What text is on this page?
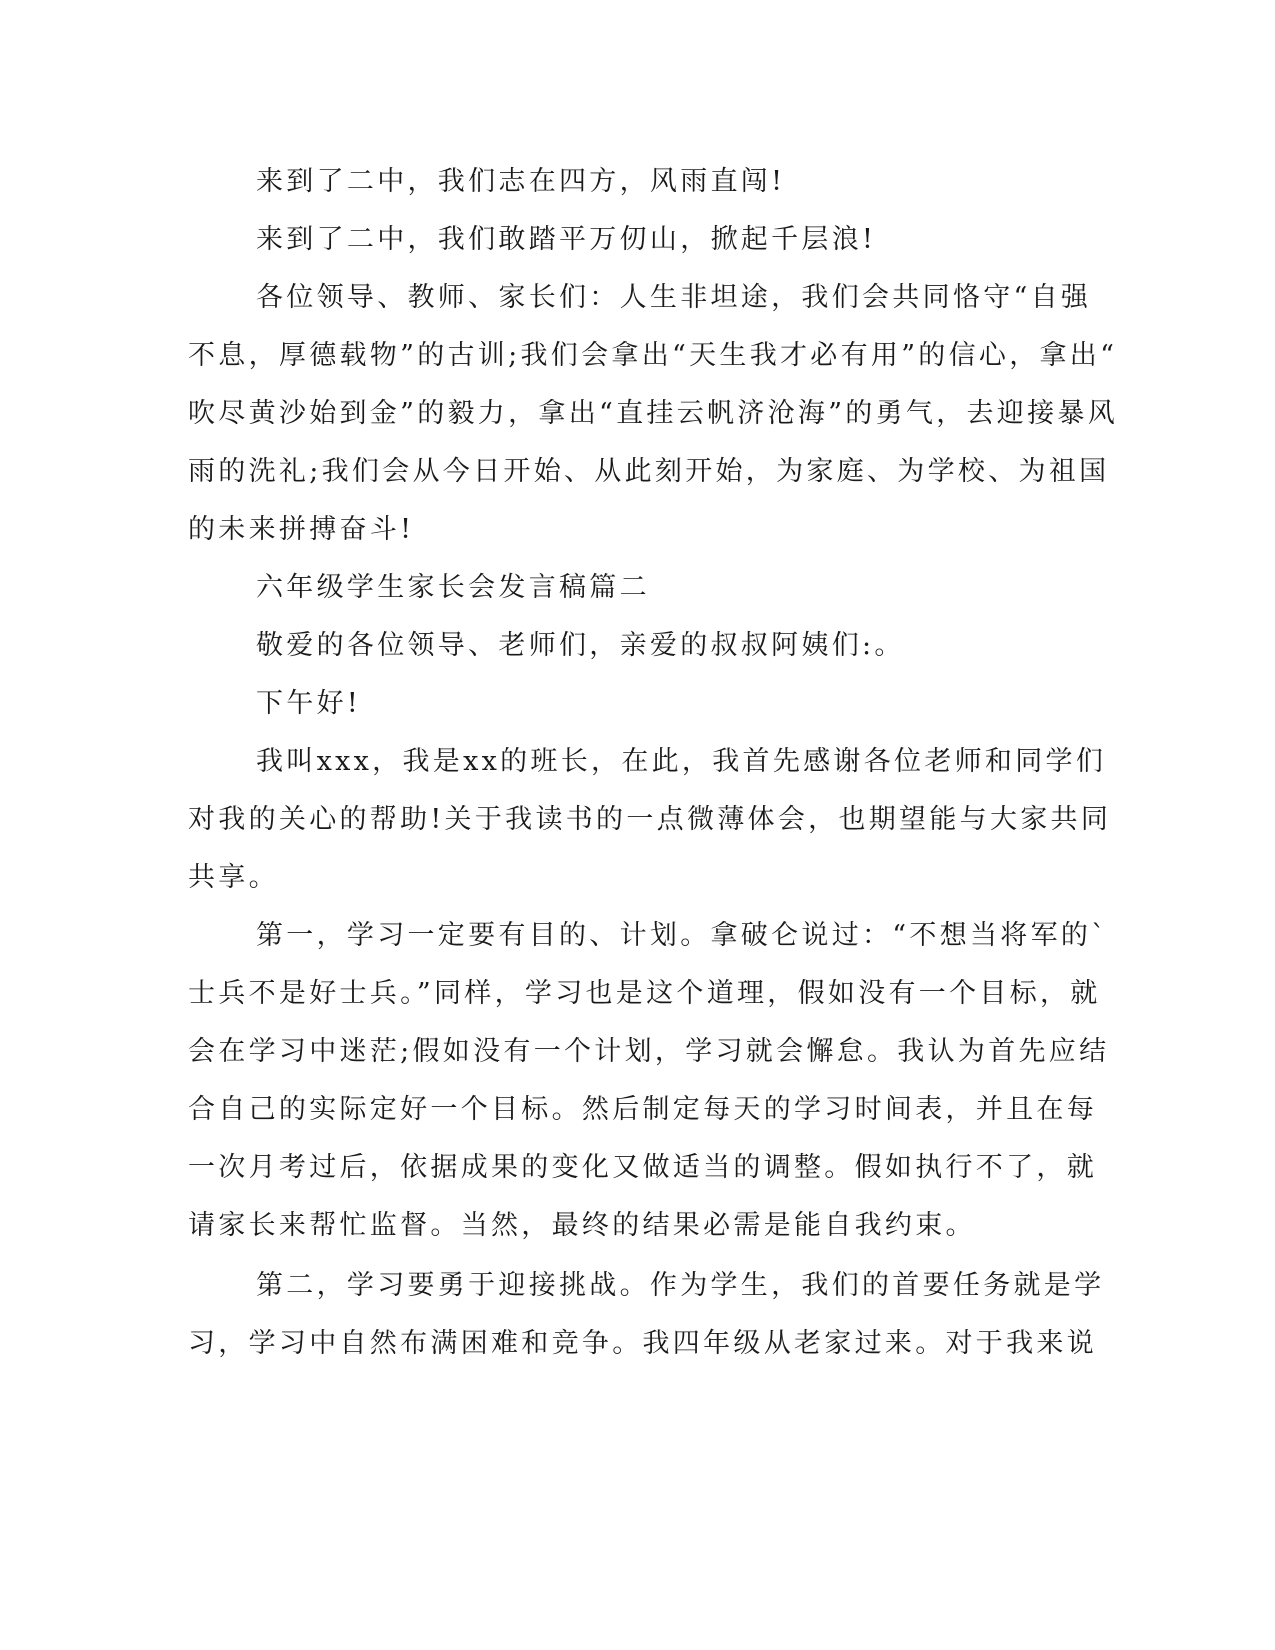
来到了二中，我们志在四方，风雨直闯!
来到了二中，我们敢踏平万仞山，掀起千层浪!
各位领导、教师、家长们：人生非坦途，我们会共同恪守“自强
不息，厚德载物”的古训;我们会拿出“天生我才必有用”的信心，拿出“
吹尽黄沙始到金”的毅力，拿出“直挂云帆济沧海”的勇气，去迎接暴风
雨的洗礼;我们会从今日开始、从此刻开始，为家庭、为学校、为祖国
的未来拼搏奋斗!
六年级学生家长会发言稿篇二
敬爱的各位领导、老师们，亲爱的叔叔阿姨们:。
下午好!
我叫xxx，我是xx的班长，在此，我首先感谢各位老师和同学们
对我的关心的帮助!关于我读书的一点微薄体会，也期望能与大家共同
共享。
第一，学习一定要有目的、计划。拿破仑说过：“不想当将军的`
士兵不是好士兵。”同样，学习也是这个道理，假如没有一个目标，就
会在学习中迷茫;假如没有一个计划，学习就会懈怠。我认为首先应结
合自己的实际定好一个目标。然后制定每天的学习时间表，并且在每
一次月考过后，依据成果的变化又做适当的调整。假如执行不了，就
请家长来帮忙监督。当然，最终的结果必需是能自我约束。
第二，学习要勇于迎接挑战。作为学生，我们的首要任务就是学
习，学习中自然布满困难和竞争。我四年级从老家过来。对于我来说
